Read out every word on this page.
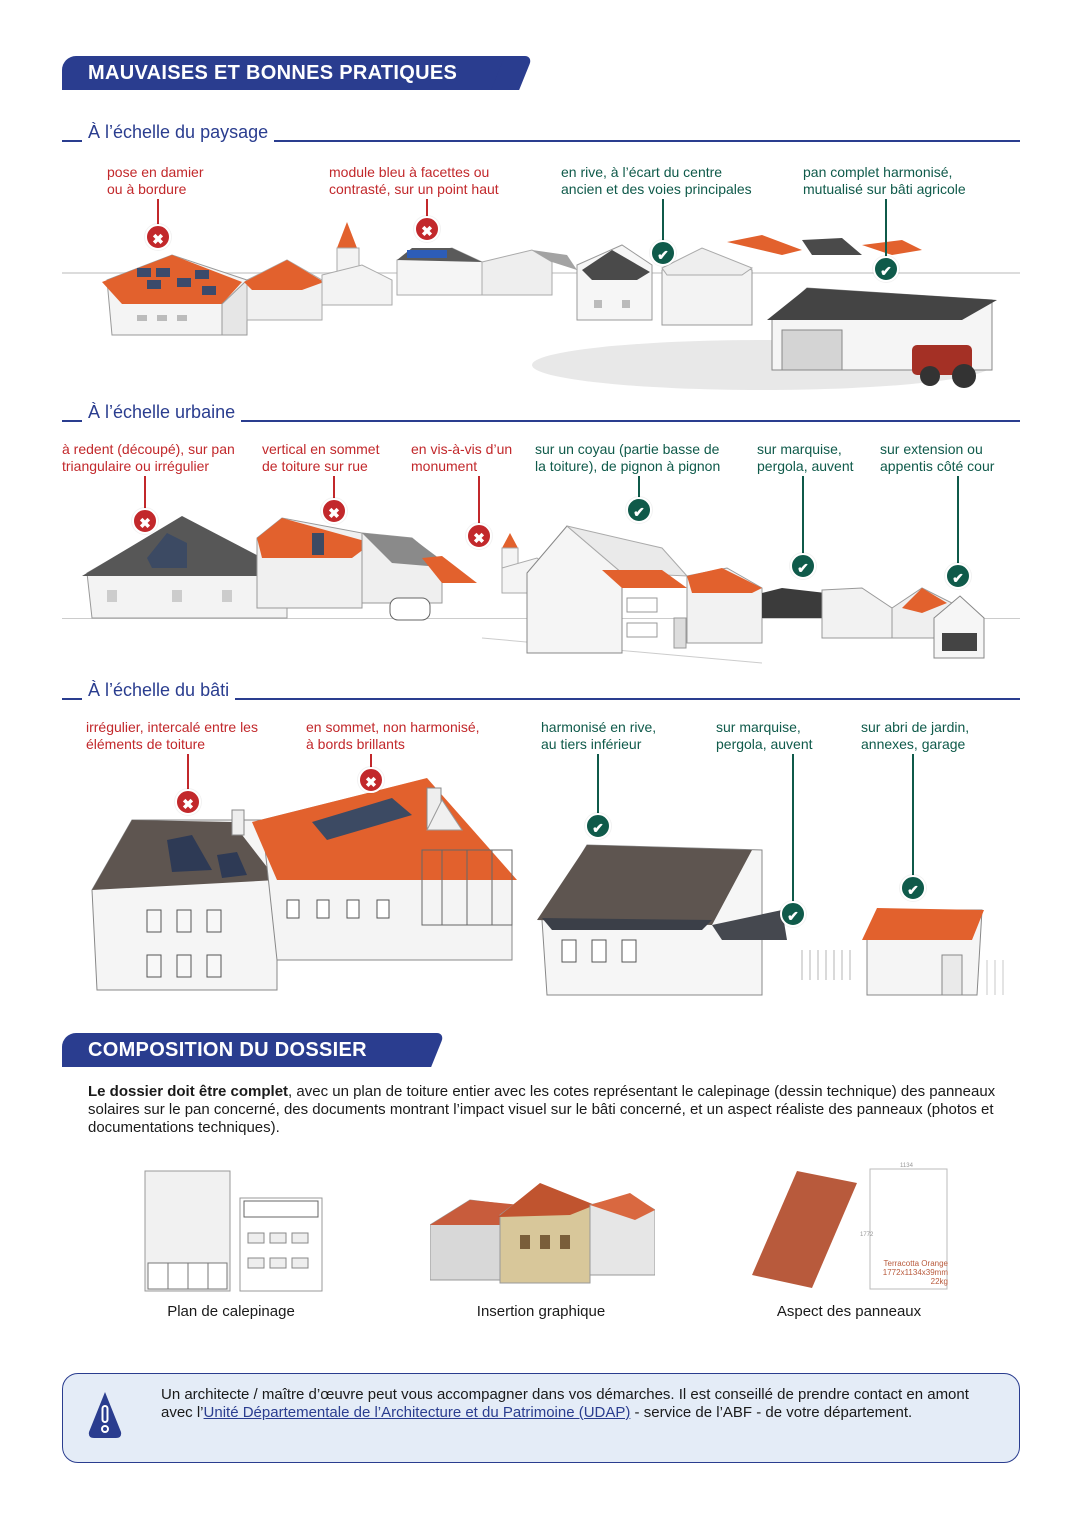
MAUVAISES ET BONNES PRATIQUES
À l’échelle du paysage
pose en damier
ou à bordure
module bleu à facettes ou
contrasté, sur un point haut
en rive, à l’écart du centre
ancien et des voies principales
pan complet harmonisé,
mutualisé sur bâti agricole
✖	✖
✔
✔
À l’échelle urbaine
à redent (découpé), sur pan
triangulaire ou irrégulier
vertical en sommet
de toiture sur rue
en vis-à-vis d’un
monument
sur un coyau (partie basse de
la toiture), de pignon à pignon
sur marquise,
pergola, auvent
sur extension ou
appentis côté cour
✖
✖
✖
✔
✔
✔
À l’échelle du bâti
irrégulier, intercalé entre les
éléments de toiture
en sommet, non harmonisé,
à bords brillants
harmonisé en rive,
au tiers inférieur
sur marquise,
pergola, auvent
sur abri de jardin,
annexes, garage
✖
✖
✔
✔
✔
COMPOSITION DU DOSSIER

Le dossier doit être complet, avec un plan de toiture entier avec les cotes représentant le calepinage (dessin technique) des panneaux solaires sur le pan concerné, des documents montrant l’impact visuel sur le bâti concerné, et un aspect réaliste des panneaux (photos et documentations techniques).

Plan de calepinage	Insertion graphique
1134
1772
Terracotta Orange
1772x1134x39mm
22kg
Aspect des panneaux

Un architecte / maître d’œuvre peut vous accompagner dans vos démarches. Il est conseillé de prendre contact en amont avec l’Unité Départementale de l’Architecture et du Patrimoine (UDAP) - service de l’ABF - de votre département.
